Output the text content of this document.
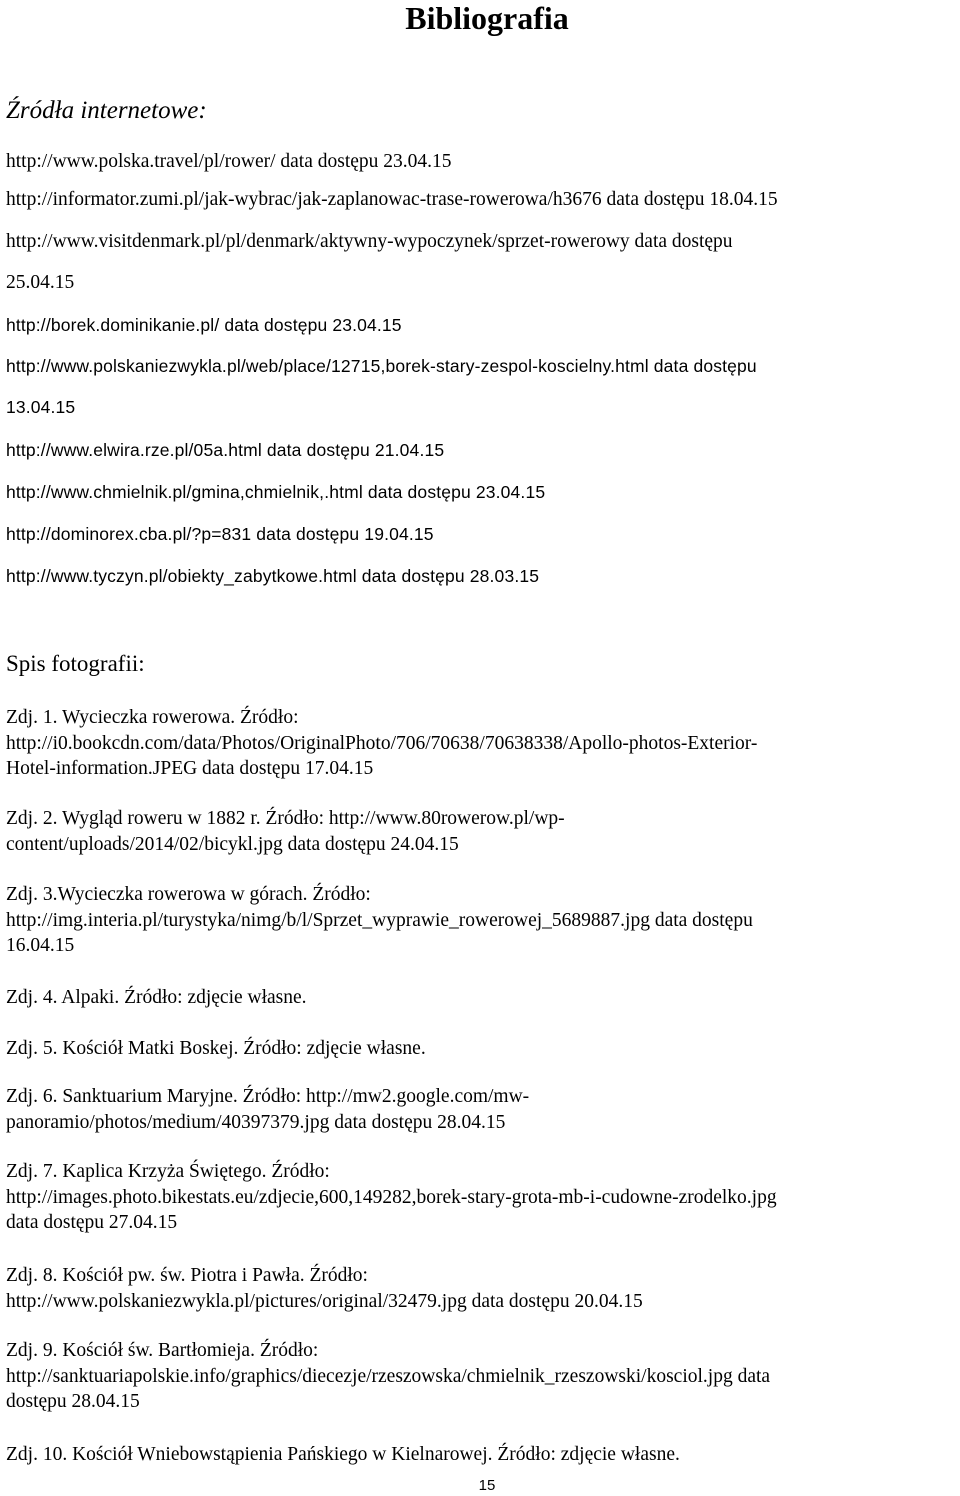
Bibliografia
Źródła internetowe:

http://www.polska.travel/pl/rower/ data dostępu 23.04.15

http://informator.zumi.pl/jak-wybrac/jak-zaplanowac-trase-rowerowa/h3676 data dostępu 18.04.15

http://www.visitdenmark.pl/pl/denmark/aktywny-wypoczynek/sprzet-rowerowy data dostępu
25.04.15

http://borek.dominikanie.pl/ data dostępu 23.04.15

http://www.polskaniezwykla.pl/web/place/12715,borek-stary-zespol-koscielny.html data dostępu
13.04.15

http://www.elwira.rze.pl/05a.html data dostępu 21.04.15

http://www.chmielnik.pl/gmina,chmielnik,.html data dostępu 23.04.15

http://dominorex.cba.pl/?p=831 data dostępu 19.04.15

http://www.tyczyn.pl/obiekty_zabytkowe.html data dostępu 28.03.15

Spis fotografii:

Zdj. 1. Wycieczka rowerowa. Źródło:
http://i0.bookcdn.com/data/Photos/OriginalPhoto/706/70638/70638338/Apollo-photos-Exterior-
Hotel-information.JPEG data dostępu 17.04.15

Zdj. 2. Wygląd roweru w 1882 r. Źródło: http://www.80rowerow.pl/wp-
content/uploads/2014/02/bicykl.jpg data dostępu 24.04.15

Zdj. 3.Wycieczka rowerowa w górach. Źródło:
http://img.interia.pl/turystyka/nimg/b/l/Sprzet_wyprawie_rowerowej_5689887.jpg data dostępu
16.04.15

Zdj. 4. Alpaki. Źródło: zdjęcie własne.

Zdj. 5. Kościół Matki Boskej. Źródło: zdjęcie własne.

Zdj. 6. Sanktuarium Maryjne. Źródło: http://mw2.google.com/mw-
panoramio/photos/medium/40397379.jpg data dostępu 28.04.15

Zdj. 7. Kaplica Krzyża Świętego. Źródło:
http://images.photo.bikestats.eu/zdjecie,600,149282,borek-stary-grota-mb-i-cudowne-zrodelko.jpg
data dostępu 27.04.15

Zdj. 8. Kościół pw. św. Piotra i Pawła. Źródło:
http://www.polskaniezwykla.pl/pictures/original/32479.jpg data dostępu 20.04.15

Zdj. 9. Kościół św. Bartłomieja. Źródło:
http://sanktuariapolskie.info/graphics/diecezje/rzeszowska/chmielnik_rzeszowski/kosciol.jpg data
dostępu 28.04.15

Zdj. 10. Kościół Wniebowstąpienia Pańskiego w Kielnarowej. Źródło: zdjęcie własne.

15
